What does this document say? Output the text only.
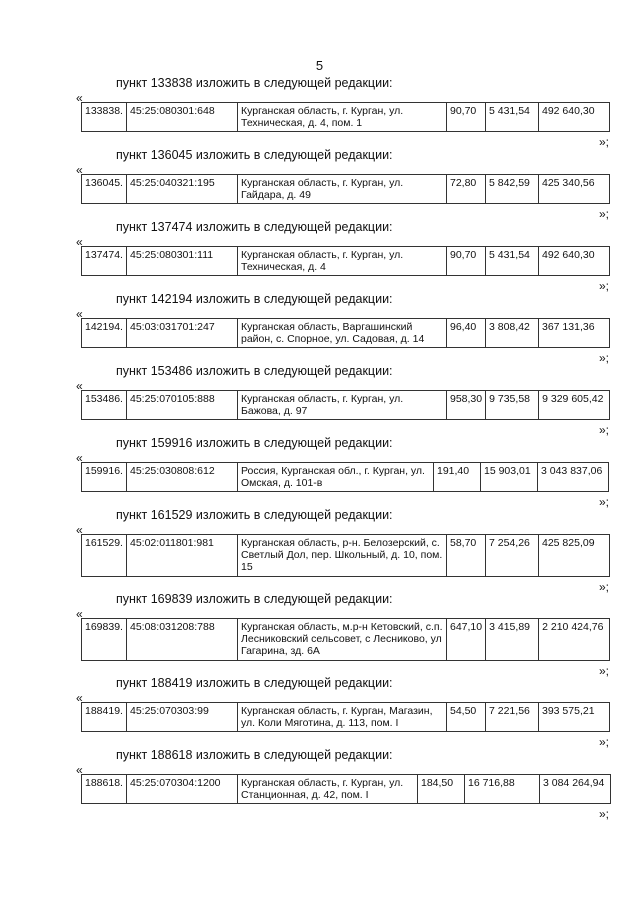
5
пункт 133838 изложить в следующей редакции:
«
133838.	45:25:080301:648	Курганская область, г. Курган, ул. Техническая, д. 4, пом. 1	90,70	5 431,54	492 640,30
»;
пункт 136045 изложить в следующей редакции:
«
136045.	45:25:040321:195	Курганская область, г. Курган, ул. Гайдара, д. 49	72,80	5 842,59	425 340,56
»;
пункт 137474 изложить в следующей редакции:
«
137474.	45:25:080301:111	Курганская область, г. Курган, ул. Техническая, д. 4	90,70	5 431,54	492 640,30
»;
пункт 142194 изложить в следующей редакции:
«
142194.	45:03:031701:247	Курганская область, Варгашинский район, с. Спорное, ул. Садовая, д. 14	96,40	3 808,42	367 131,36
»;
пункт 153486 изложить в следующей редакции:
«
153486.	45:25:070105:888	Курганская область, г. Курган, ул. Бажова, д. 97	958,30	9 735,58	9 329 605,42
»;
пункт 159916 изложить в следующей редакции:
«
159916.	45:25:030808:612	Россия, Курганская обл., г. Курган, ул. Омская, д. 101-в	191,40	15 903,01	3 043 837,06
»;
пункт 161529 изложить в следующей редакции:
«
161529.	45:02:011801:981	Курганская область, р-н. Белозерский, с. Светлый Дол, пер. Школьный, д. 10, пом. 15	58,70	7 254,26	425 825,09
»;
пункт 169839 изложить в следующей редакции:
«
169839.	45:08:031208:788	Курганская область, м.р-н Кетовский, с.п. Лесниковский сельсовет, с Лесниково, ул Гагарина, зд. 6А	647,10	3 415,89	2 210 424,76
»;
пункт 188419 изложить в следующей редакции:
«
188419.	45:25:070303:99	Курганская область, г. Курган, Магазин, ул. Коли Мяготина, д. 113, пом. I	54,50	7 221,56	393 575,21
»;
пункт 188618 изложить в следующей редакции:
«
188618.	45:25:070304:1200	Курганская область, г. Курган, ул. Станционная, д. 42, пом. I	184,50	16 716,88	3 084 264,94
»;
